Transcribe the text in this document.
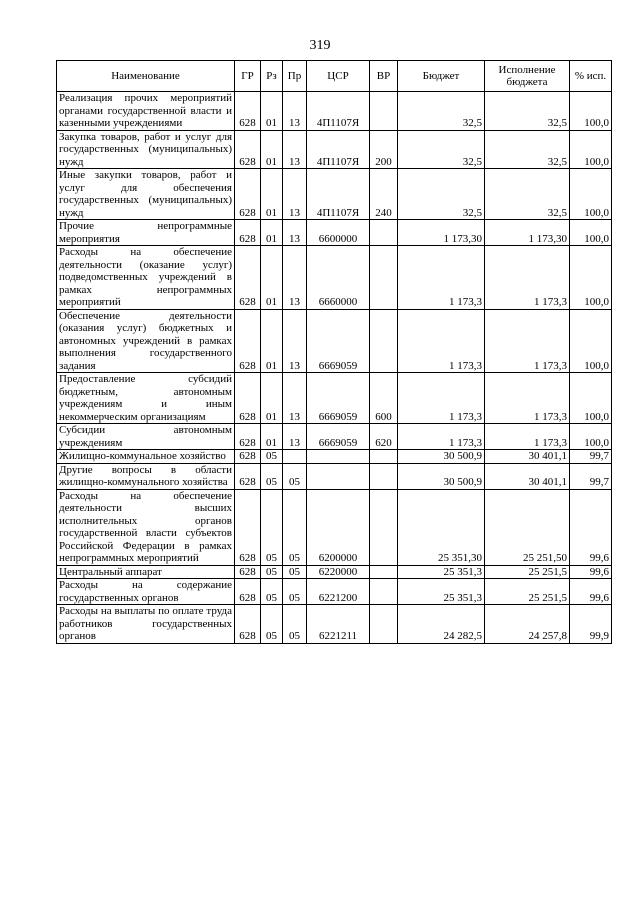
319
Наименование	ГР	Рз	Пр	ЦСР	ВР	Бюджет	Исполнение бюджета	% исп.
Реализация прочих мероприятий органами государственной власти и казенными учреждениями	628	01	13	4П1107Я		32,5	32,5	100,0
Закупка товаров, работ и услуг для государственных (муниципальных) нужд	628	01	13	4П1107Я	200	32,5	32,5	100,0
Иные закупки товаров, работ и услуг для обеспечения государственных (муниципальных) нужд	628	01	13	4П1107Я	240	32,5	32,5	100,0
Прочие непрограммные мероприятия	628	01	13	6600000		1 173,30	1 173,30	100,0
Расходы на обеспечение деятельности (оказание услуг) подведомственных учреждений в рамках непрограммных мероприятий	628	01	13	6660000		1 173,3	1 173,3	100,0
Обеспечение деятельности (оказания услуг) бюджетных и автономных учреждений в рамках выполнения государственного задания	628	01	13	6669059		1 173,3	1 173,3	100,0
Предоставление субсидий бюджетным, автономным учреждениям и иным некоммерческим организациям	628	01	13	6669059	600	1 173,3	1 173,3	100,0
Субсидии автономным учреждениям	628	01	13	6669059	620	1 173,3	1 173,3	100,0
Жилищно-коммунальное хозяйство	628	05				30 500,9	30 401,1	99,7
Другие вопросы в области жилищно-коммунального хозяйства	628	05	05			30 500,9	30 401,1	99,7
Расходы на обеспечение деятельности высших исполнительных органов государственной власти субъектов Российской Федерации в рамках непрограммных мероприятий	628	05	05	6200000		25 351,30	25 251,50	99,6
Центральный аппарат	628	05	05	6220000		25 351,3	25 251,5	99,6
Расходы на содержание государственных органов	628	05	05	6221200		25 351,3	25 251,5	99,6
Расходы на выплаты по оплате труда работников государственных органов	628	05	05	6221211		24 282,5	24 257,8	99,9
